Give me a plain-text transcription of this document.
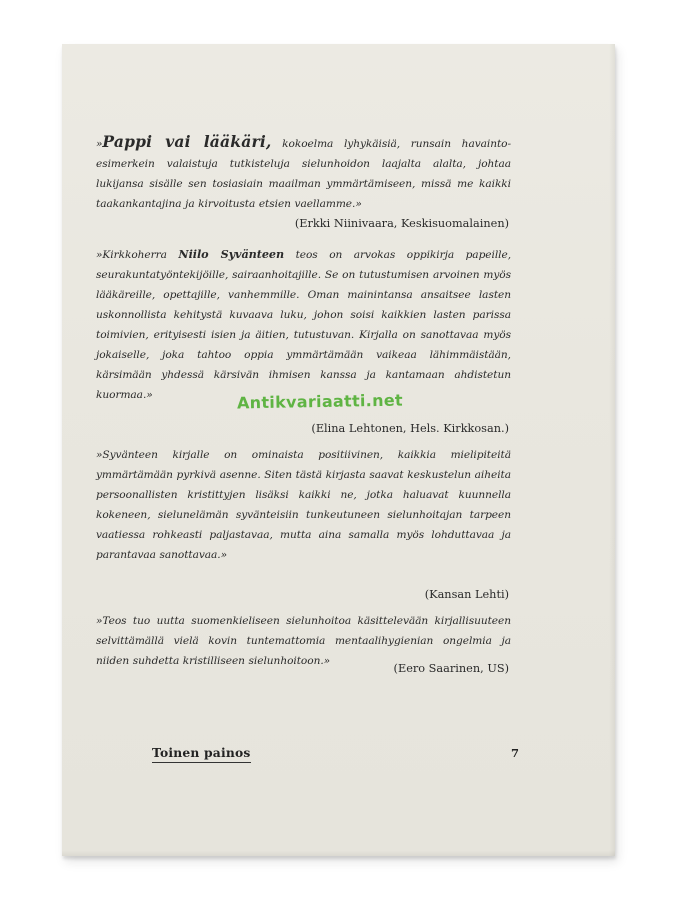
»Pappi vai lääkäri, kokoelma lyhykäisiä, runsain havainto-esimerkein valaistuja tutkisteluja sielunhoidon laajalta alalta, johtaa lukijansa sisälle sen tosiasiain maailman ymmärtämiseen, missä me kaikki taakankantajina ja kirvoitusta etsien vaellamme.»
(Erkki Niinivaara, Keskisuomalainen)
»Kirkkoherra Niilo Syvänteen teos on arvokas oppikirja papeille, seurakuntatyöntekijöille, sairaanhoitajille. Se on tutustumisen arvoinen myös lääkäreille, opettajille, vanhemmille. Oman mainintansa ansaitsee lasten uskonnollista kehitystä kuvaava luku, johon soisi kaikkien lasten parissa toimivien, erityisesti isien ja äitien, tutustuvan. Kirjalla on sanottavaa myös jokaiselle, joka tahtoo oppia ymmärtämään vaikeaa lähimmäistään, kärsimään yhdessä kärsivän ihmisen kanssa ja kantamaan ahdistetun kuormaa.»
(Elina Lehtonen, Hels. Kirkkosan.)
»Syvänteen kirjalle on ominaista positiivinen, kaikkia mielipiteitä ymmärtämään pyrkivä asenne. Siten tästä kirjasta saavat keskustelun aiheita persoonallisten kristittyjen lisäksi kaikki ne, jotka haluavat kuunnella kokeneen, sielunelämän syvänteisiin tunkeutuneen sielunhoitajan tarpeen vaatiessa rohkeasti paljastavaa, mutta aina samalla myös lohduttavaa ja parantavaa sanottavaa.»
(Kansan Lehti)
»Teos tuo uutta suomenkieliseen sielunhoitoa käsittelevään kirjallisuuteen selvittämällä vielä kovin tuntemattomia mentaalihygienian ongelmia ja niiden suhdetta kristilliseen sielunhoitoon.»
(Eero Saarinen, US)
Antikvariaatti.net
Toinen painos	7
